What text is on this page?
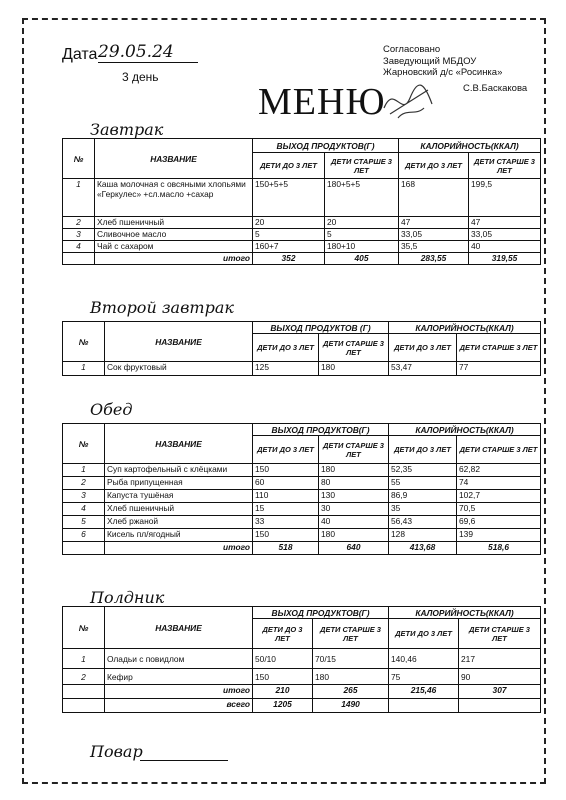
Дата 29.05.24
3 день
Согласовано
Заведующий МБДОУ
Жарновский д/с «Росинка»
С.В.Баскакова
МЕНЮ
Завтрак
№	НАЗВАНИЕ	ВЫХОД ПРОДУКТОВ(Г)		КАЛОРИЙНОСТЬ(ККАЛ)	
		ДЕТИ ДО 3 ЛЕТ	ДЕТИ СТАРШЕ 3 ЛЕТ	ДЕТИ ДО 3 ЛЕТ	ДЕТИ СТАРШЕ 3 ЛЕТ
1	Каша молочная с овсяными хлопьями «Геркулес» +сл.масло +сахар	150+5+5	180+5+5	168	199,5
2	Хлеб пшеничный	20	20	47	47
3	Сливочное масло	5	5	33,05	33,05
4	Чай с сахаром	160+7	180+10	35,5	40
	итого	352	405	283,55	319,55
Второй завтрак
№	НАЗВАНИЕ	ВЫХОД ПРОДУКТОВ (Г)		КАЛОРИЙНОСТЬ(ККАЛ)	
		ДЕТИ ДО 3 ЛЕТ	ДЕТИ СТАРШЕ 3 ЛЕТ	ДЕТИ ДО 3 ЛЕТ	ДЕТИ СТАРШЕ 3 ЛЕТ
1	Сок фруктовый	125	180	53,47	77
Обед
№	НАЗВАНИЕ	ВЫХОД ПРОДУКТОВ(Г)		КАЛОРИЙНОСТЬ(ККАЛ)	
		ДЕТИ ДО 3 ЛЕТ	ДЕТИ СТАРШЕ 3 ЛЕТ	ДЕТИ ДО 3 ЛЕТ	ДЕТИ СТАРШЕ 3 ЛЕТ
1	Суп картофельный с клёцками	150	180	52,35	62,82
2	Рыба припущенная	60	80	55	74
3	Капуста тушёная	110	130	86,9	102,7
4	Хлеб пшеничный	15	30	35	70,5
5	Хлеб ржаной	33	40	56,43	69,6
6	Кисель пл/ягодный	150	180	128	139
	итого	518	640	413,68	518,6
Полдник
№	НАЗВАНИЕ	ВЫХОД ПРОДУКТОВ(Г)		КАЛОРИЙНОСТЬ(ККАЛ)	
		ДЕТИ ДО 3 ЛЕТ	ДЕТИ СТАРШЕ 3 ЛЕТ	ДЕТИ ДО 3 ЛЕТ	ДЕТИ СТАРШЕ 3 ЛЕТ
1	Оладьи с повидлом	50/10	70/15	140,46	217
2	Кефир	150	180	75	90
	итого	210	265	215,46	307
	всего	1205	1490		
Повар
